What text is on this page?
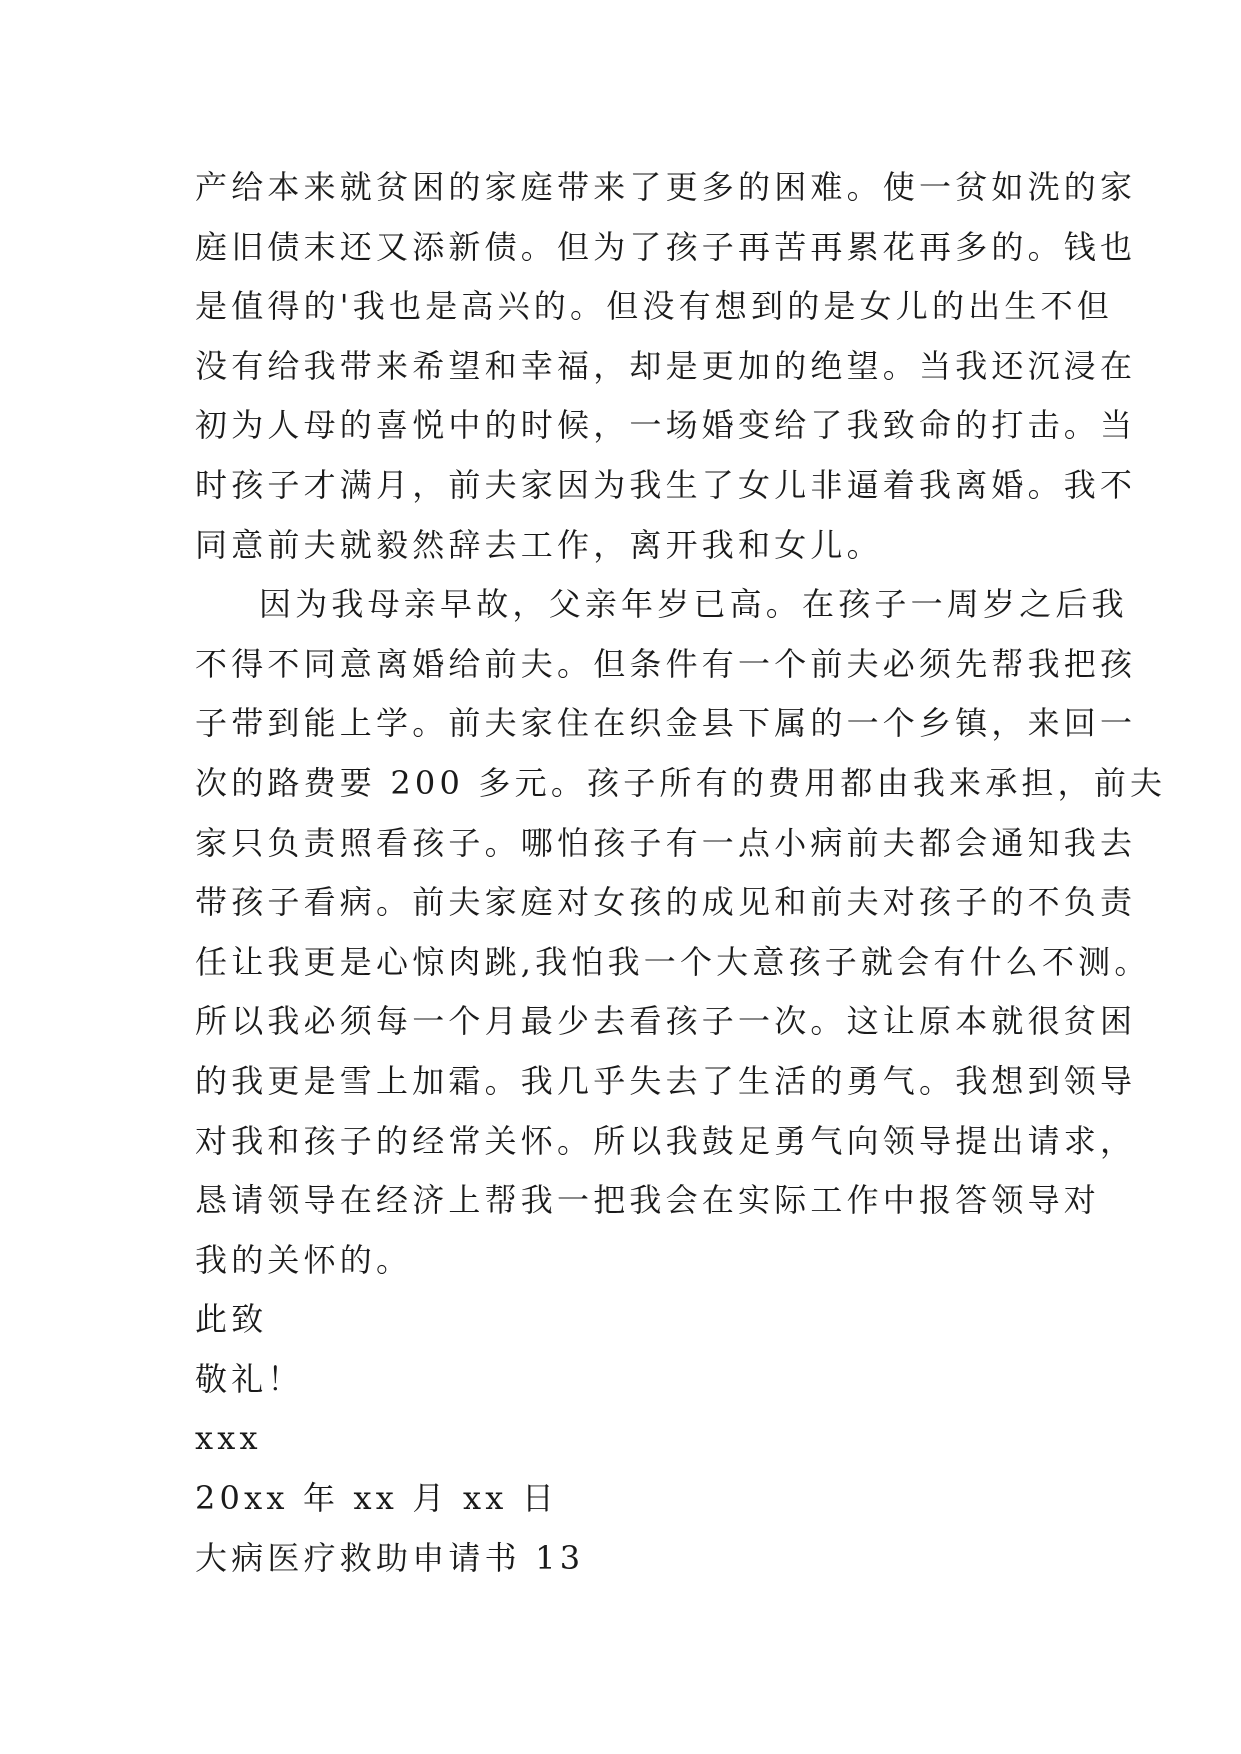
产给本来就贫困的家庭带来了更多的困难。使一贫如洗的家
庭旧债末还又添新债。但为了孩子再苦再累花再多的。钱也
是值得的'我也是高兴的。但没有想到的是女儿的出生不但
没有给我带来希望和幸福，却是更加的绝望。当我还沉浸在
初为人母的喜悦中的时候，一场婚变给了我致命的打击。当
时孩子才满月，前夫家因为我生了女儿非逼着我离婚。我不
同意前夫就毅然辞去工作，离开我和女儿。
因为我母亲早故，父亲年岁已高。在孩子一周岁之后我
不得不同意离婚给前夫。但条件有一个前夫必须先帮我把孩
子带到能上学。前夫家住在织金县下属的一个乡镇，来回一
次的路费要 200 多元。孩子所有的费用都由我来承担，前夫
家只负责照看孩子。哪怕孩子有一点小病前夫都会通知我去
带孩子看病。前夫家庭对女孩的成见和前夫对孩子的不负责
任让我更是心惊肉跳,我怕我一个大意孩子就会有什么不测。
所以我必须每一个月最少去看孩子一次。这让原本就很贫困
的我更是雪上加霜。我几乎失去了生活的勇气。我想到领导
对我和孩子的经常关怀。所以我鼓足勇气向领导提出请求，
恳请领导在经济上帮我一把我会在实际工作中报答领导对
我的关怀的。
此致
敬礼！
xxx
20xx 年 xx 月 xx 日
大病医疗救助申请书 13
